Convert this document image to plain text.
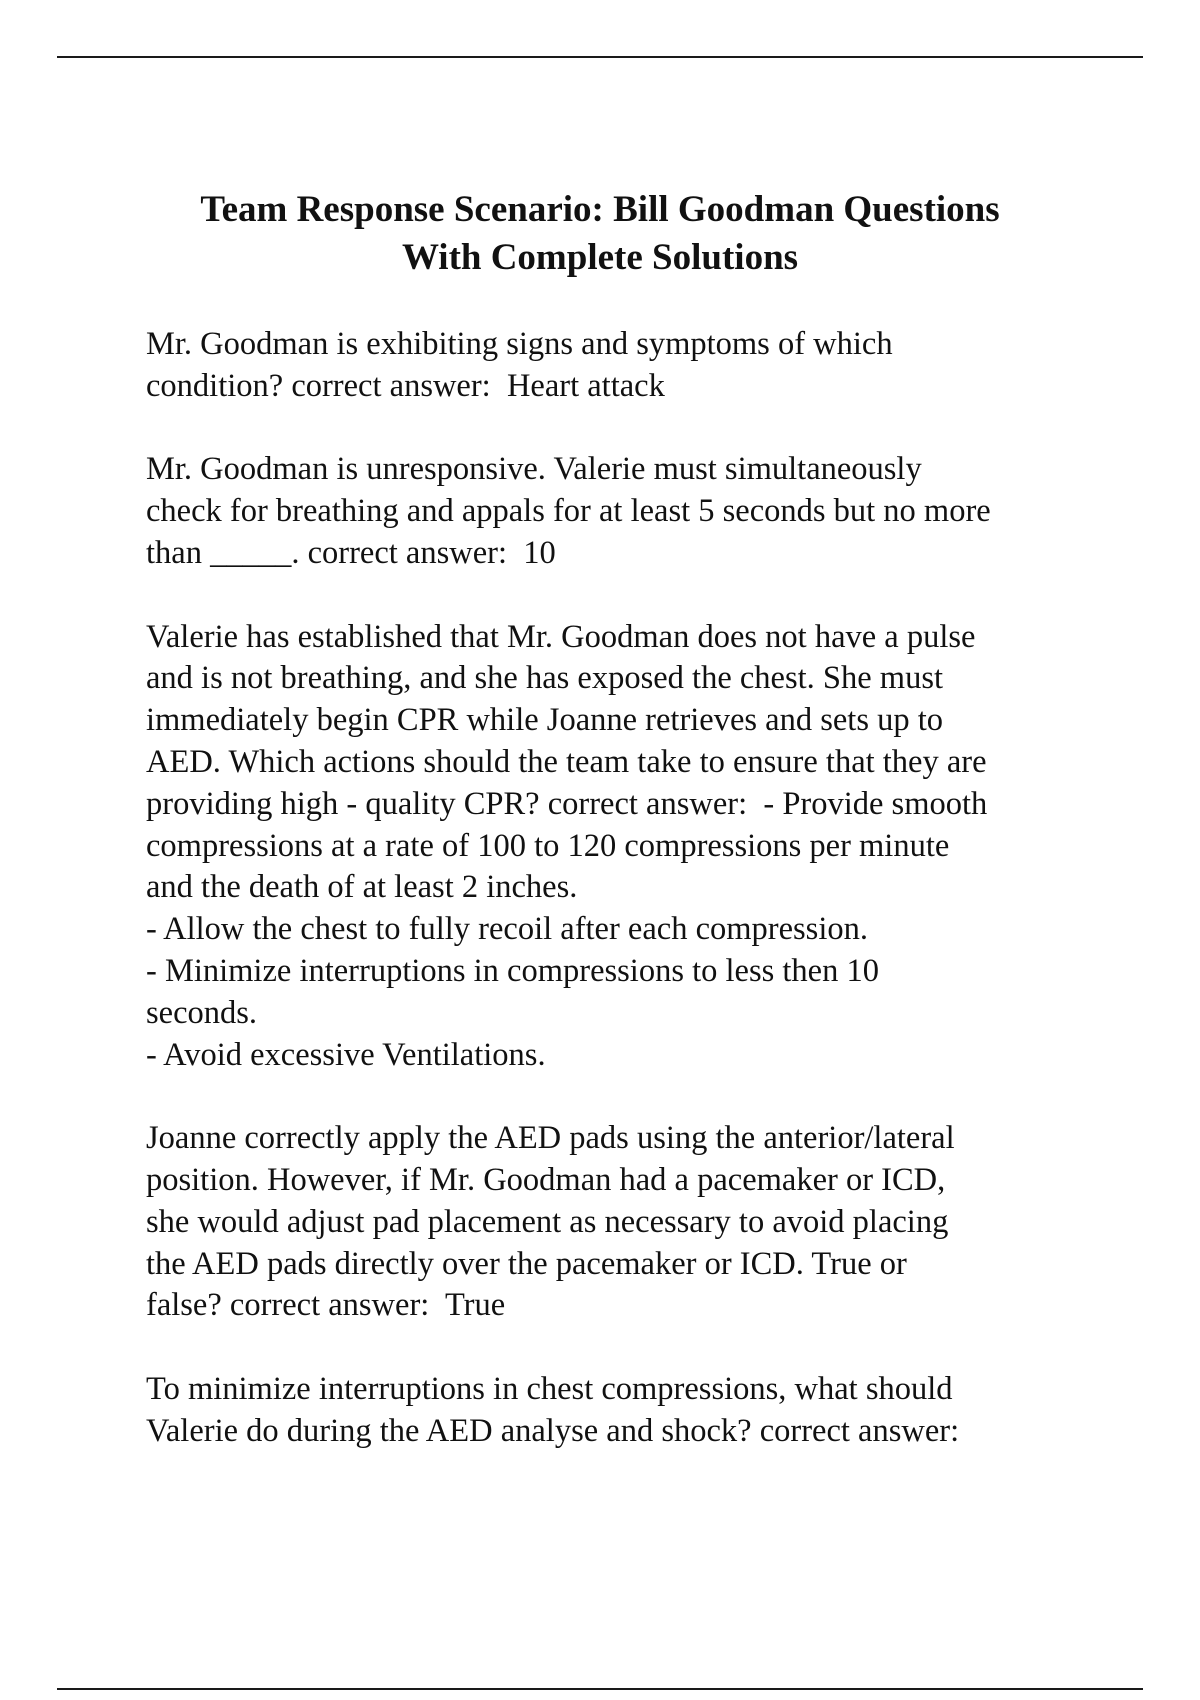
Team Response Scenario: Bill Goodman Questions
With Complete Solutions

Mr. Goodman is exhibiting signs and symptoms of which
condition? correct answer:  Heart attack

Mr. Goodman is unresponsive. Valerie must simultaneously
check for breathing and appals for at least 5 seconds but no more
than _____. correct answer:  10

Valerie has established that Mr. Goodman does not have a pulse
and is not breathing, and she has exposed the chest. She must
immediately begin CPR while Joanne retrieves and sets up to
AED. Which actions should the team take to ensure that they are
providing high - quality CPR? correct answer:  - Provide smooth
compressions at a rate of 100 to 120 compressions per minute
and the death of at least 2 inches.
- Allow the chest to fully recoil after each compression.
- Minimize interruptions in compressions to less then 10
seconds.
- Avoid excessive Ventilations.

Joanne correctly apply the AED pads using the anterior/lateral
position. However, if Mr. Goodman had a pacemaker or ICD,
she would adjust pad placement as necessary to avoid placing
the AED pads directly over the pacemaker or ICD. True or
false? correct answer:  True

To minimize interruptions in chest compressions, what should
Valerie do during the AED analyse and shock? correct answer:
